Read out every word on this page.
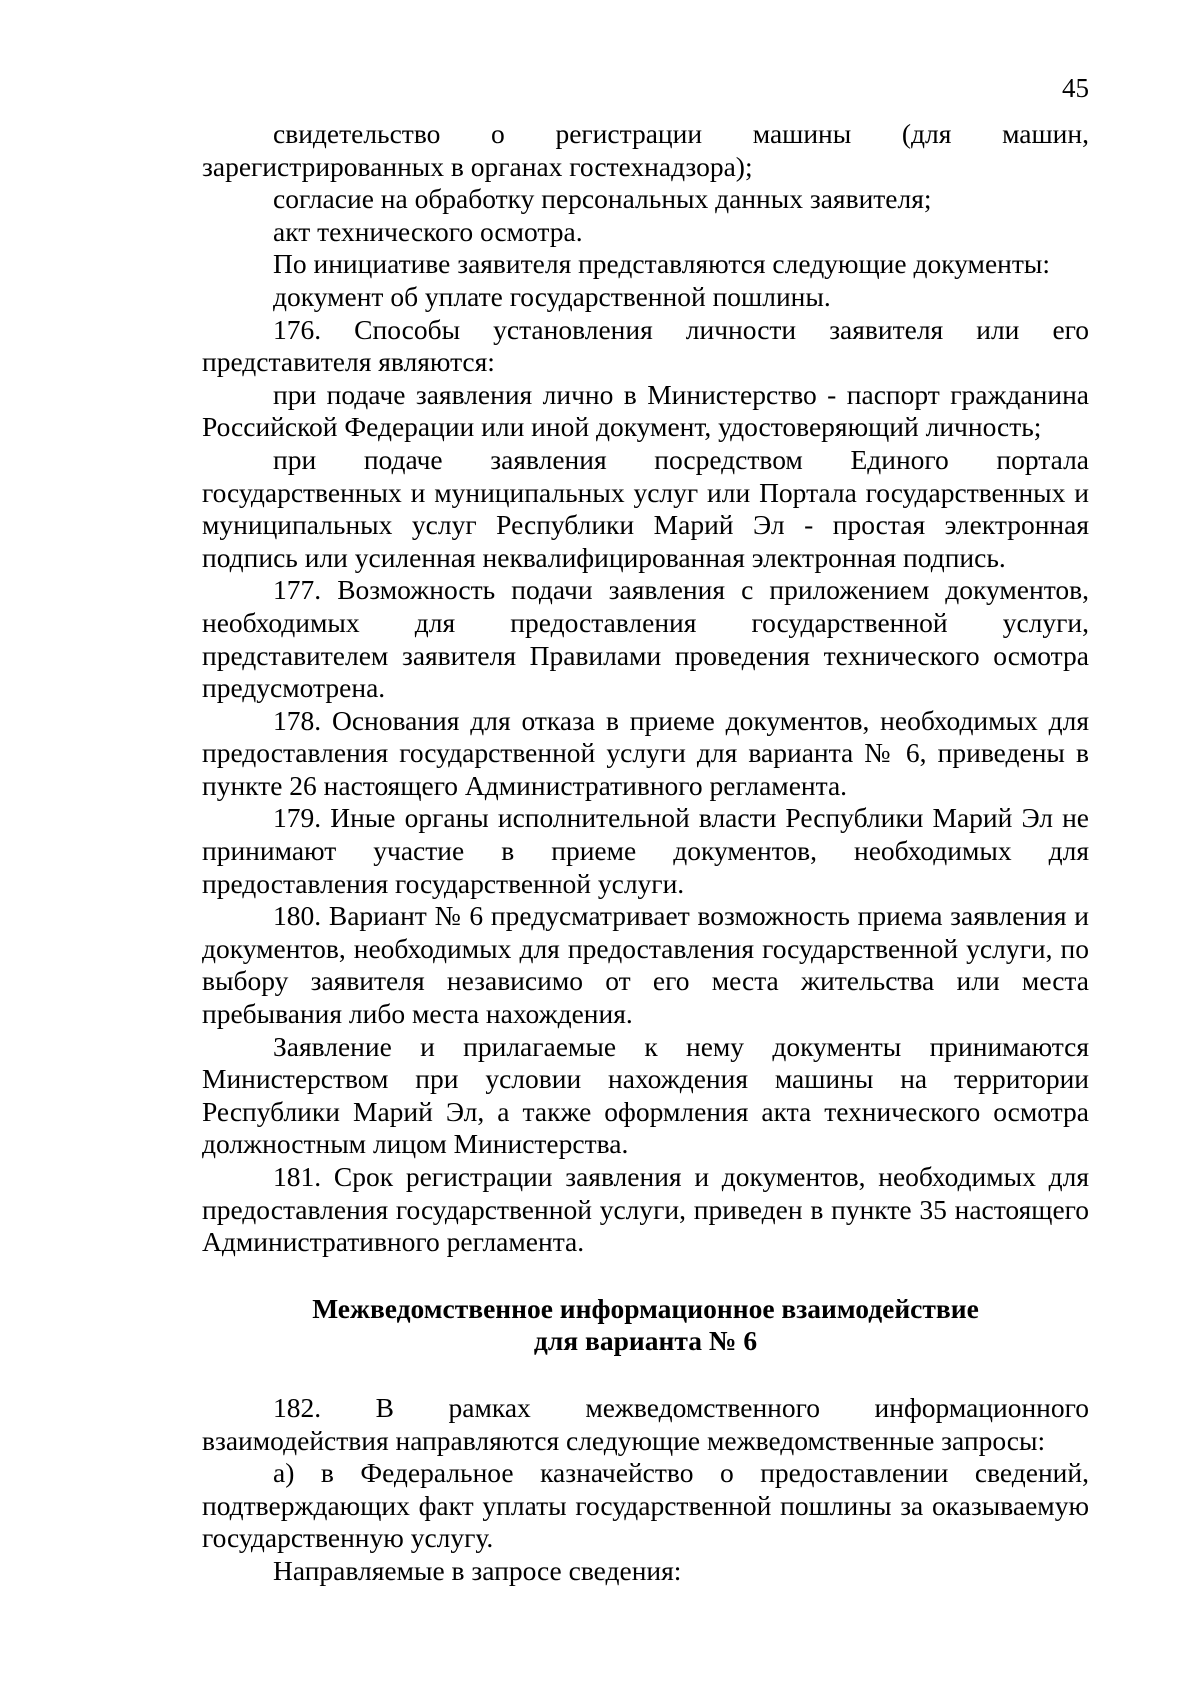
45

свидетельство о регистрации машины (для машин, зарегистрированных в органах гостехнадзора);

согласие на обработку персональных данных заявителя;

акт технического осмотра.

По инициативе заявителя представляются следующие документы:

документ об уплате государственной пошлины.

176. Способы установления личности заявителя или его представителя являются:

при подаче заявления лично в Министерство - паспорт гражданина Российской Федерации или иной документ, удостоверяющий личность;

при подаче заявления посредством Единого портала государственных и муниципальных услуг или Портала государственных и муниципальных услуг Республики Марий Эл - простая электронная подпись или усиленная неквалифицированная электронная подпись.

177. Возможность подачи заявления с приложением документов, необходимых для предоставления государственной услуги, представителем заявителя Правилами проведения технического осмотра предусмотрена.

178. Основания для отказа в приеме документов, необходимых для предоставления государственной услуги для варианта № 6, приведены в пункте 26 настоящего Административного регламента.

179. Иные органы исполнительной власти Республики Марий Эл не принимают участие в приеме документов, необходимых для предоставления государственной услуги.

180. Вариант № 6 предусматривает возможность приема заявления и документов, необходимых для предоставления государственной услуги, по выбору заявителя независимо от его места жительства или места пребывания либо места нахождения.

Заявление и прилагаемые к нему документы принимаются Министерством при условии нахождения машины на территории Республики Марий Эл, а также оформления акта технического осмотра должностным лицом Министерства.

181. Срок регистрации заявления и документов, необходимых для предоставления государственной услуги, приведен в пункте 35 настоящего Административного регламента.

Межведомственное информационное взаимодействие
для варианта № 6

182. В рамках межведомственного информационного взаимодействия направляются следующие межведомственные запросы:

а) в Федеральное казначейство о предоставлении сведений, подтверждающих факт уплаты государственной пошлины за оказываемую государственную услугу.

Направляемые в запросе сведения:
